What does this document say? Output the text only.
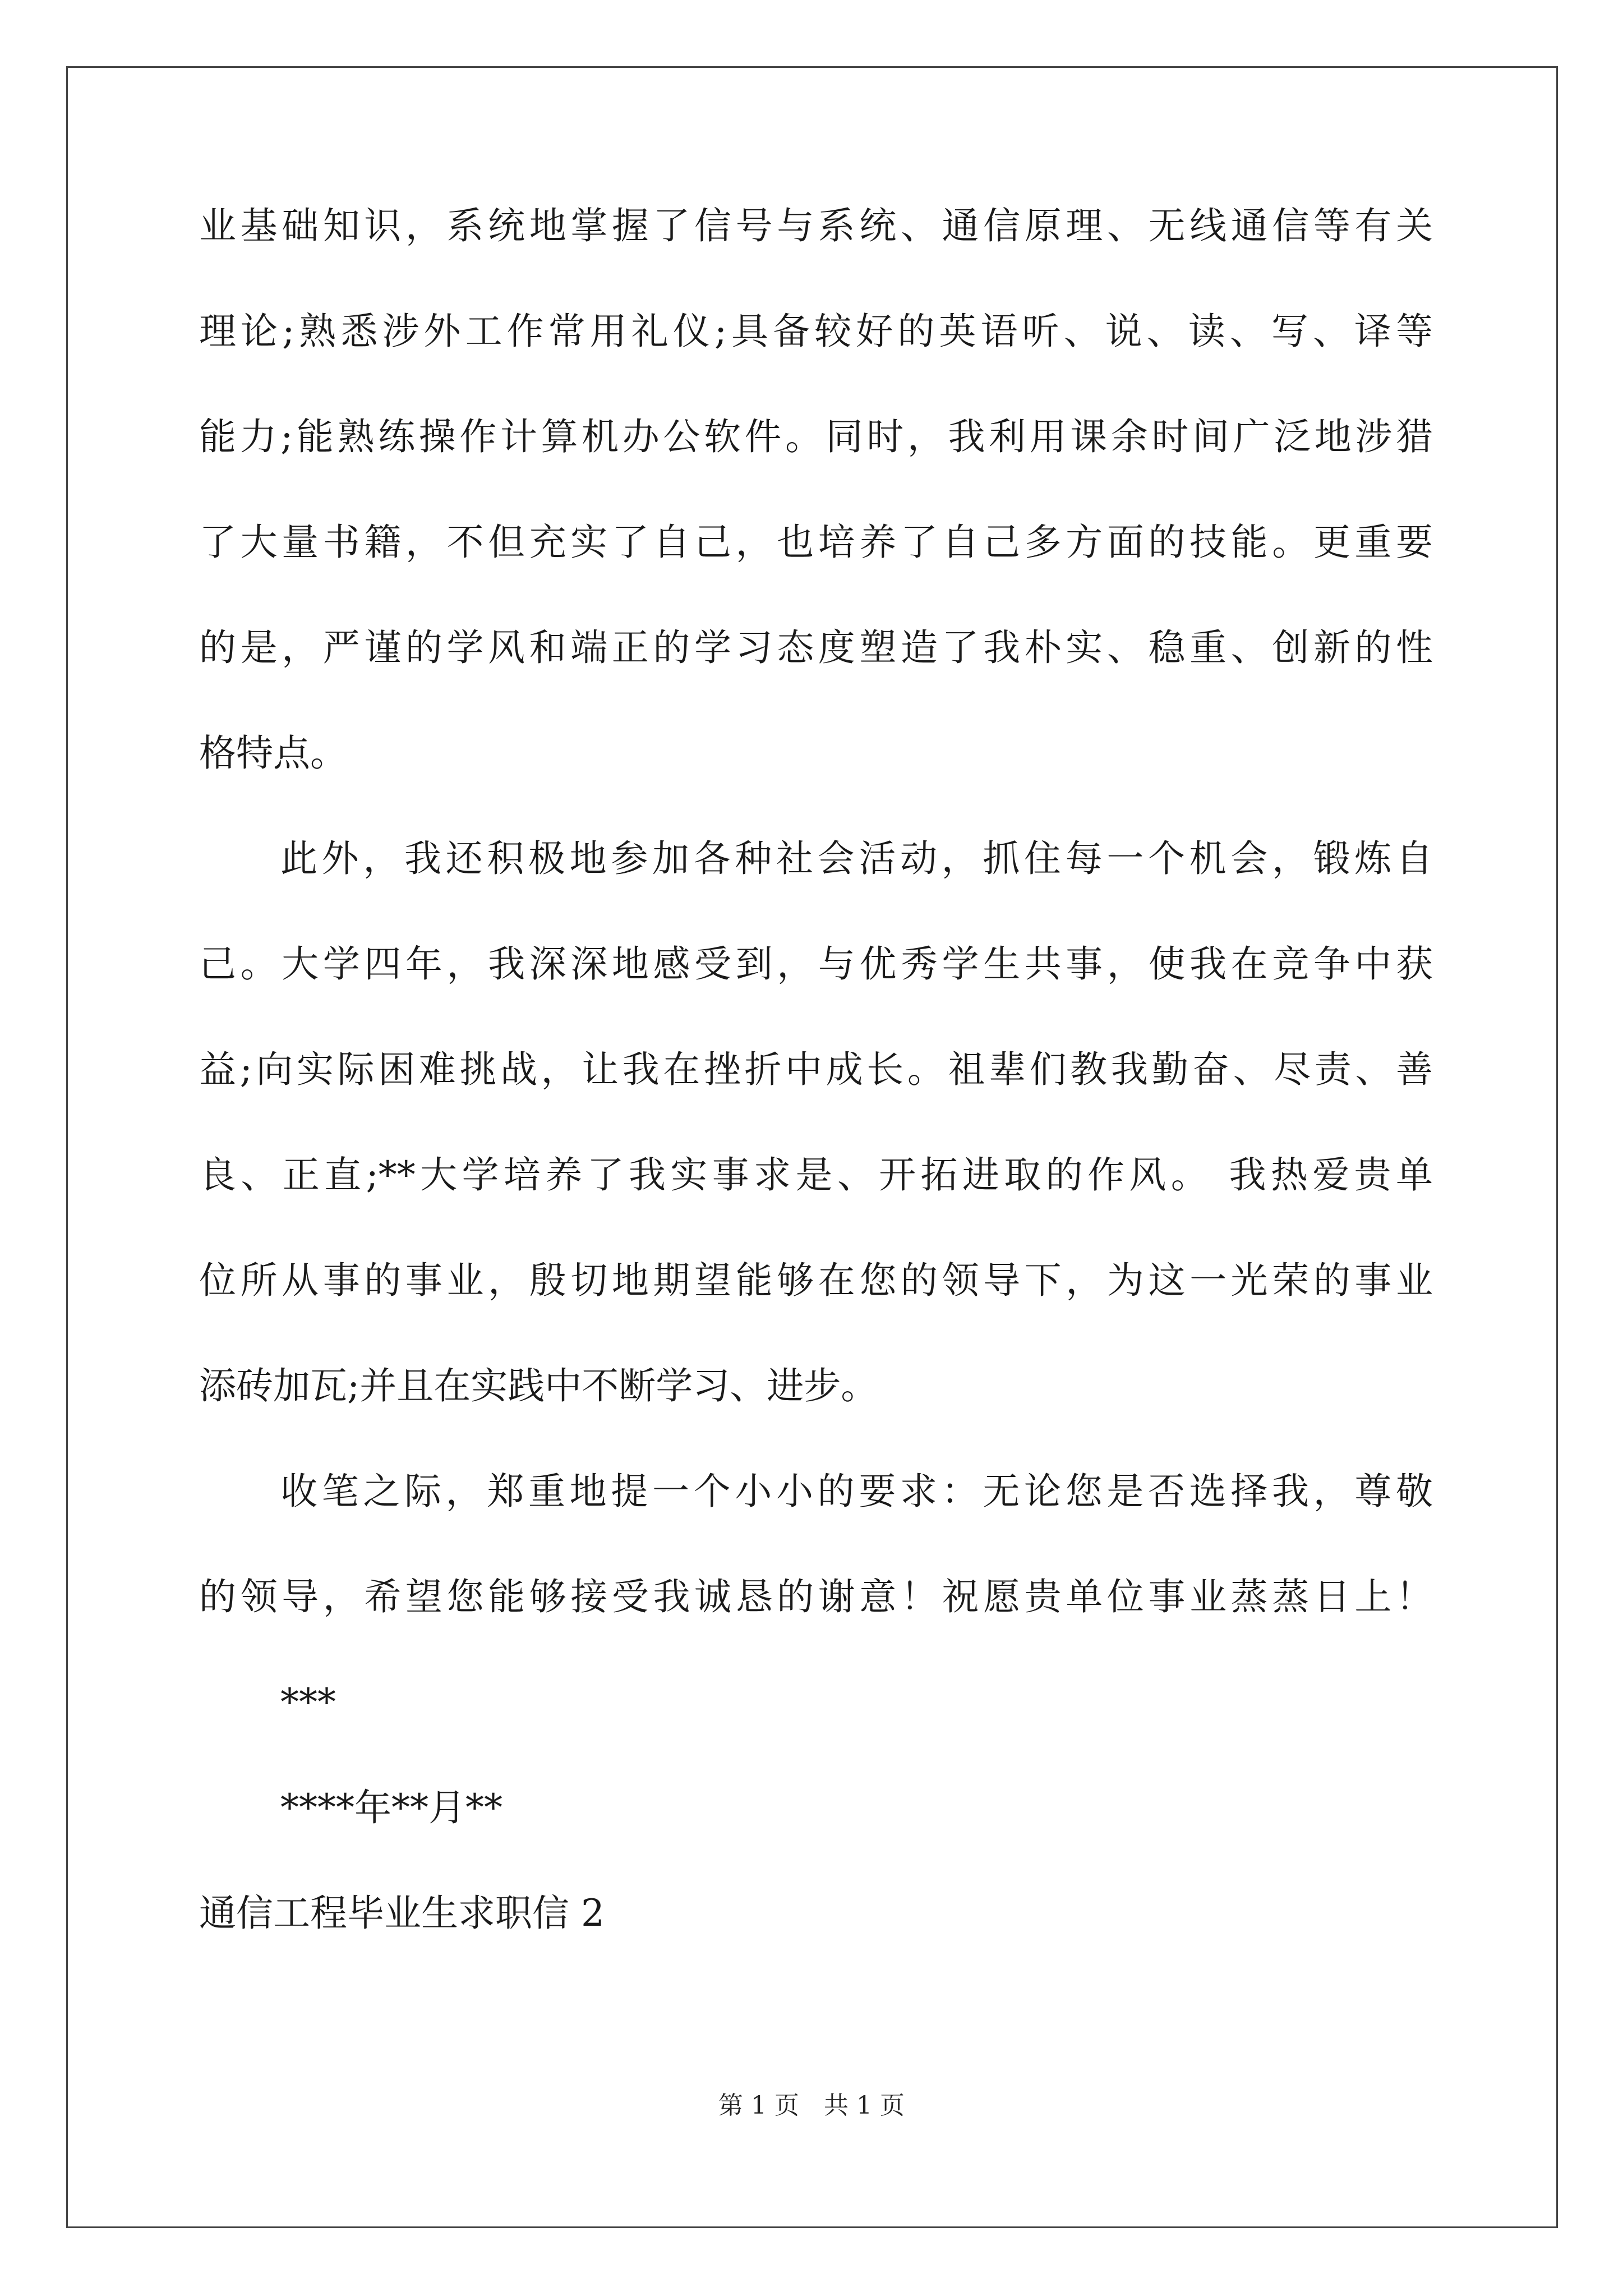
业基础知识，系统地掌握了信号与系统、通信原理、无线通信等有关
理论;熟悉涉外工作常用礼仪;具备较好的英语听、说、读、写、译等
能力;能熟练操作计算机办公软件。同时，我利用课余时间广泛地涉猎
了大量书籍，不但充实了自己，也培养了自己多方面的技能。更重要
的是，严谨的学风和端正的学习态度塑造了我朴实、稳重、创新的性
格特点。
此外，我还积极地参加各种社会活动，抓住每一个机会，锻炼自
己。大学四年，我深深地感受到，与优秀学生共事，使我在竞争中获
益;向实际困难挑战，让我在挫折中成长。祖辈们教我勤奋、尽责、善
良、正直;**大学培养了我实事求是、开拓进取的作风。 我热爱贵单
位所从事的事业，殷切地期望能够在您的领导下，为这一光荣的事业
添砖加瓦;并且在实践中不断学习、进步。
收笔之际，郑重地提一个小小的要求：无论您是否选择我，尊敬
的领导，希望您能够接受我诚恳的谢意！祝愿贵单位事业蒸蒸日上！
***
****年**月**
通信工程毕业生求职信 2
第 1 页　共 1 页
